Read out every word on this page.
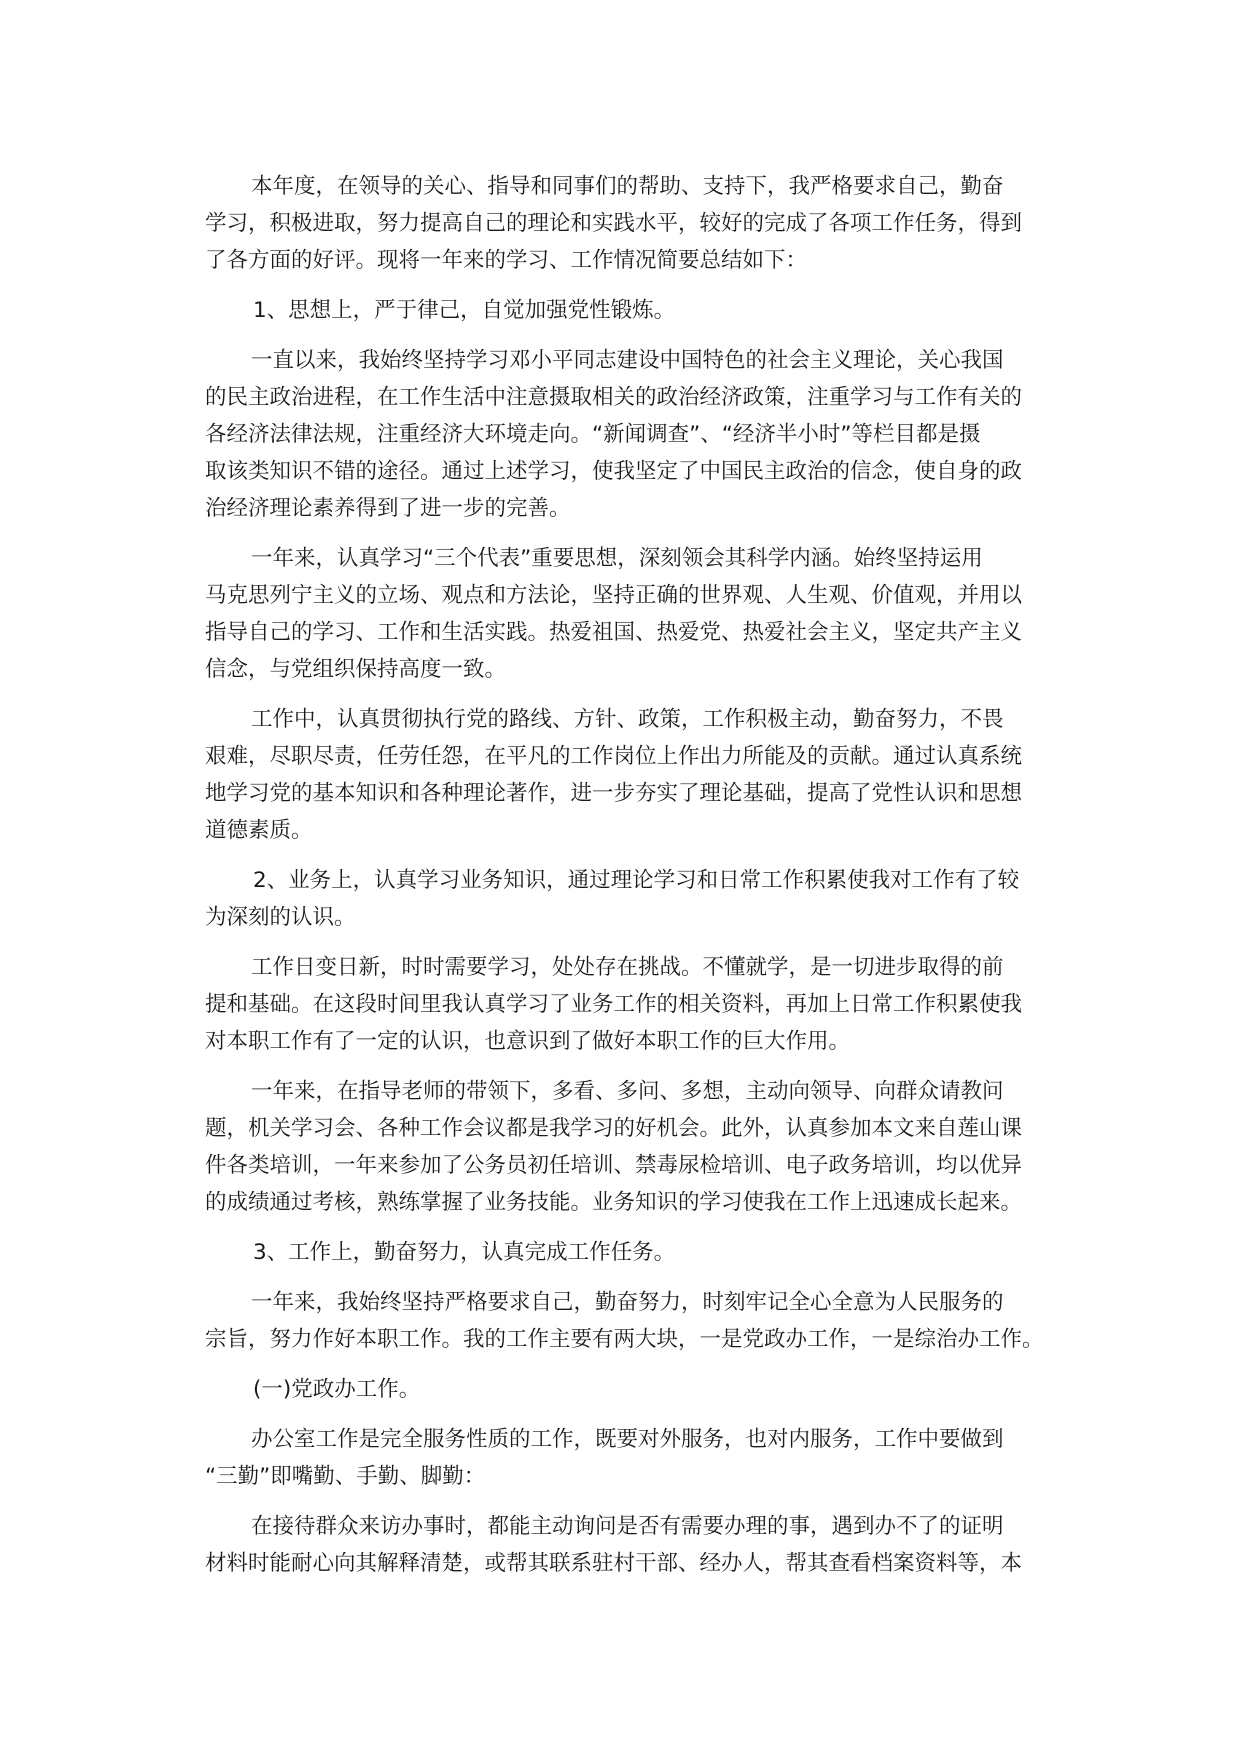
本年度，在领导的关心、指导和同事们的帮助、支持下，我严格要求自己，勤奋
学习，积极进取，努力提高自己的理论和实践水平，较好的完成了各项工作任务，得到
了各方面的好评。现将一年来的学习、工作情况简要总结如下：
1、思想上，严于律己，自觉加强党性锻炼。
一直以来，我始终坚持学习邓小平同志建设中国特色的社会主义理论，关心我国
的民主政治进程，在工作生活中注意摄取相关的政治经济政策，注重学习与工作有关的
各经济法律法规，注重经济大环境走向。“新闻调查”、“经济半小时”等栏目都是摄
取该类知识不错的途径。通过上述学习，使我坚定了中国民主政治的信念，使自身的政
治经济理论素养得到了进一步的完善。
一年来，认真学习“三个代表”重要思想，深刻领会其科学内涵。始终坚持运用
马克思列宁主义的立场、观点和方法论，坚持正确的世界观、人生观、价值观，并用以
指导自己的学习、工作和生活实践。热爱祖国、热爱党、热爱社会主义，坚定共产主义
信念，与党组织保持高度一致。
工作中，认真贯彻执行党的路线、方针、政策，工作积极主动，勤奋努力，不畏
艰难，尽职尽责，任劳任怨，在平凡的工作岗位上作出力所能及的贡献。通过认真系统
地学习党的基本知识和各种理论著作，进一步夯实了理论基础，提高了党性认识和思想
道德素质。
2、业务上，认真学习业务知识，通过理论学习和日常工作积累使我对工作有了较
为深刻的认识。
工作日变日新，时时需要学习，处处存在挑战。不懂就学，是一切进步取得的前
提和基础。在这段时间里我认真学习了业务工作的相关资料，再加上日常工作积累使我
对本职工作有了一定的认识，也意识到了做好本职工作的巨大作用。
一年来，在指导老师的带领下，多看、多问、多想，主动向领导、向群众请教问
题，机关学习会、各种工作会议都是我学习的好机会。此外，认真参加本文来自莲山课
件各类培训，一年来参加了公务员初任培训、禁毒尿检培训、电子政务培训，均以优异
的成绩通过考核，熟练掌握了业务技能。业务知识的学习使我在工作上迅速成长起来。
3、工作上，勤奋努力，认真完成工作任务。
一年来，我始终坚持严格要求自己，勤奋努力，时刻牢记全心全意为人民服务的
宗旨，努力作好本职工作。我的工作主要有两大块，一是党政办工作，一是综治办工作。
(一)党政办工作。
办公室工作是完全服务性质的工作，既要对外服务，也对内服务，工作中要做到
“三勤”即嘴勤、手勤、脚勤：
在接待群众来访办事时，都能主动询问是否有需要办理的事，遇到办不了的证明
材料时能耐心向其解释清楚，或帮其联系驻村干部、经办人，帮其查看档案资料等，本
